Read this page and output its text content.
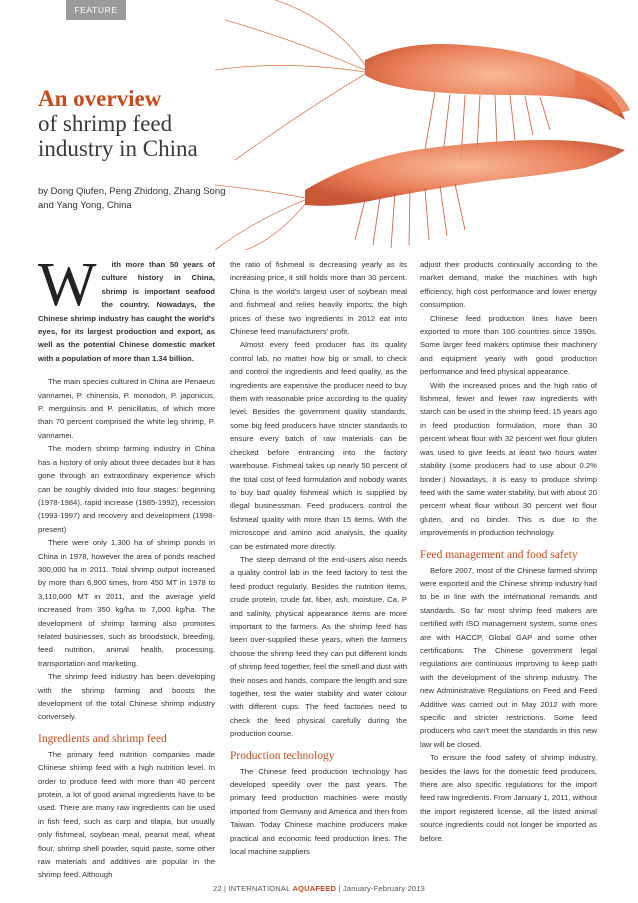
FEATURE
An overview
of shrimp feed
industry in China
by Dong Qiufen, Peng Zhidong, Zhang Song and Yang Yong, China
W	ith more than 50 years of culture history in China, shrimp is important seafood the country. Nowadays, the Chinese shrimp industry has caught the world's eyes, for its largest production and export, as well as the potential Chinese domestic market with a population of more than 1.34 billion.

The main species cultured in China are Penaeus vannamei, P. chinensis, P. monodon, P. japonicus, P. merguinsis and P. penicillatus, of which more than 70 percent comprised the white leg shrimp, P. vannamei.

The modern shrimp farming industry in China has a history of only about three decades but it has gone through an extraordinary experience which can be roughly divided into four stages: beginning (1978-1984), rapid increase (1985-1992), recession (1993-1997) and recovery and development (1998-present)

There were only 1,300 ha of shrimp ponds in China in 1978, however the area of ponds reached 300,000 ha in 2011. Total shrimp output increased by more than 6,900 times, from 450 MT in 1978 to 3,110,000 MT in 2011, and the average yield increased from 350 kg/ha to 7,000 kg/ha. The development of shrimp farming also promotes related businesses, such as broodstock, breeding, feed nutrition, animal health, processing, transportation and marketing.

The shrimp feed industry has been developing with the shrimp farming and boosts the development of the total Chinese shrimp industry conversely.

Ingredients and shrimp feed

The primary feed nutrition companies made Chinese shrimp feed with a high nutrition level. In order to produce feed with more than 40 percent protein, a lot of good animal ingredients have to be used. There are many raw ingredients can be used in fish feed, such as carp and tilapia, but usually only fishmeal, soybean meal, peanut meal, wheat flour, shrimp shell powder, squid paste, some other raw materials and additives are popular in the shrimp feed. Although

the ratio of fishmeal is decreasing yearly as its increasing price, it still holds more than 30 percent. China is the world's largest user of soybean meal and fishmeal and relies heavily imports; the high prices of these two ingredients in 2012 eat into Chinese feed manufacturers' profit.

Almost every feed producer has its quality control lab, no matter how big or small, to check and control the ingredients and feed quality, as the ingredients are expensive the producer need to buy them with reasonable price according to the quality level. Besides the government quality standards, some big feed producers have stricter standards to ensure every batch of raw materials can be checked before entrancing into the factory warehouse. Fishmeal takes up nearly 50 percent of the total cost of feed formulation and nobody wants to buy bad quality fishmeal which is supplied by illegal businessman. Feed producers control the fishmeal quality with more than 15 items. With the microscope and amino acid analysis, the quality can be estimated more directly.

The steep demand of the end-users also needs a quality control lab in the feed factory to test the feed product regularly. Besides the nutrition items, crude protein, crude fat, fiber, ash, moisture, Ca, P and salinity, physical appearance items are more important to the farmers. As the shrimp feed has been over-supplied these years, when the farmers choose the shrimp feed they can put different kinds of shrimp feed together, feel the smell and dust with their noses and hands, compare the length and size together, test the water stability and water colour with different cups. The feed factories need to check the feed physical carefully during the production course.

Production technology

The Chinese feed production technology has developed speedily over the past years. The primary feed production machines were mostly imported from Germany and America and then from Taiwan. Today Chinese machine producers make practical and economic feed production lines. The local machine suppliers

adjust their products continually according to the market demand, make the machines with high efficiency, high cost performance and lower energy consumption.

Chinese feed production lines have been exported to more than 100 countries since 1990s. Some larger feed makers optimise their machinery and equipment yearly with good production performance and feed physical appearance.

With the increased prices and the high ratio of fishmeal, fewer and fewer raw ingredients with starch can be used in the shrimp feed. 15 years ago in feed production formulation, more than 30 percent wheat flour with 32 percent wet flour gluten was used to give feeds at least two hours water stability (some producers had to use about 0.2% binder.) Nowadays, it is easy to produce shrimp feed with the same water stability, but with about 20 percent wheat flour without 30 percent wet flour gluten, and no binder. This is due to the improvements in production technology.

Feed management and food safety

Before 2007, most of the Chinese farmed shrimp were exported and the Chinese shrimp industry had to be in line with the international remands and standards. So far most shrimp feed makers are certified with ISO management system, some ones are with HACCP, Global GAP and some other certifications. The Chinese government legal regulations are continuous improving to keep path with the development of the shrimp industry. The new Administrative Regulations on Feed and Feed Additive was carried out in May 2012 with more specific and stricter restrictions. Some feed producers who can't meet the standards in this new law will be closed.

To ensure the food safety of shrimp industry, besides the laws for the domestic feed producers, there are also specific regulations for the import feed raw ingredients. From January 1, 2011, without the import registered license, all the listed animal source ingredients could not longer be imported as before.

22 | INTERNATIONAL AQUAFEED | January-February 2013
